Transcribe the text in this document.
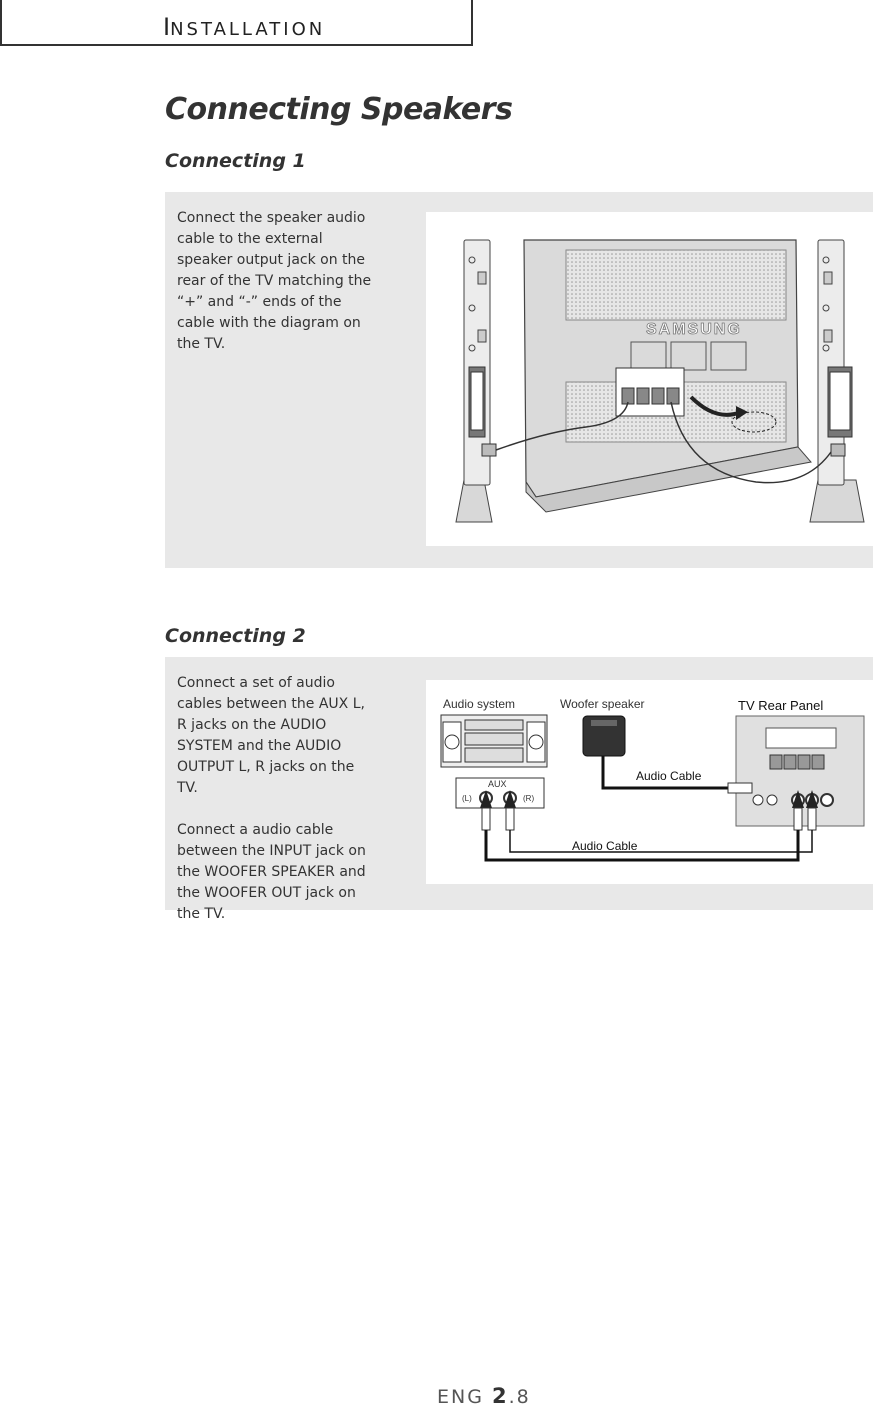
INSTALLATION
Connecting Speakers
Connecting 1
Connect the speaker audio cable to the external speaker output jack on the rear of the TV matching the “+” and “-” ends of the cable with the diagram on the TV.
SAMSUNG
Connecting 2

Connect a set of audio cables between the AUX L, R jacks on the AUDIO SYSTEM and the AUDIO OUTPUT L, R jacks on the TV.

Connect a audio cable between the INPUT jack on the WOOFER SPEAKER and the WOOFER OUT jack on the TV.

Audio system	Woofer speaker	TV Rear Panel
AUX
(L)	(R)
Audio Cable
Audio Cable
ENG 2.8
